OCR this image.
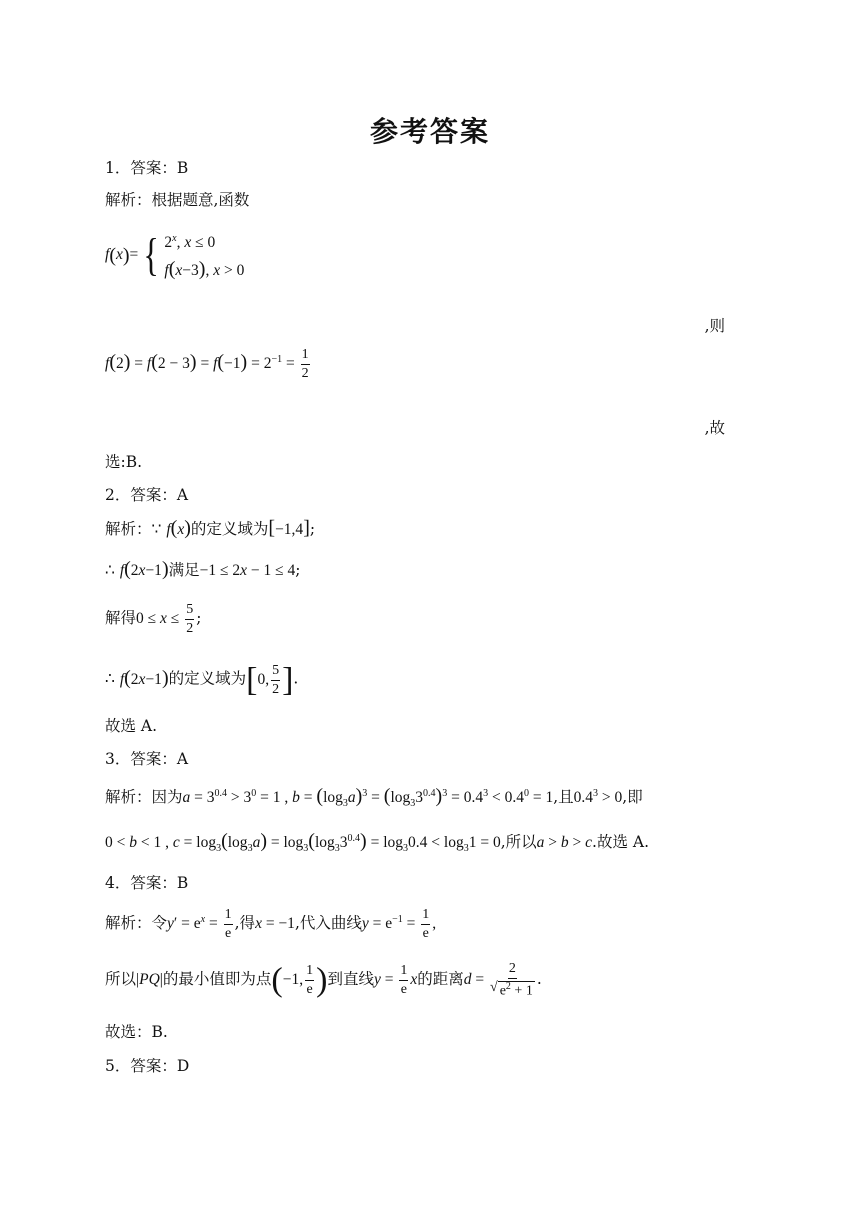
参考答案
1．答案：B
解析：根据题意,函数
f(x)= { 2$^x$, x ≤ 0
f(x−3), x > 0
,则
$f(2) = f(2 - 3) = f(-1) = 2^{-1} = \frac{1}{2}$
,故
选:B.
2．答案：A
解析：∵ f(x)的定义域为[−1,4];
∴ f(2x−1)满足−1 ≤ 2x − 1 ≤ 4;
解得$0 \le x \le \frac{5}{2}$ ;
∴ f(2x−1)的定义域为[0, $\frac{5}{2}$ ].
故选 A.
3．答案：A
解析：因为$a = 3^{0.4} > 3^0 = 1$ , $b = (\log_3a)^3 = (\log_33^{0.4})^3 = 0.4^3 < 0.4^0 = 1$,且$0.4^3 > 0$,即
0 < b < 1 , $c = \log_3(\log_3a) = \log_3(\log_33^{0.4}) = \log_30.4 < \log_31 = 0$,所以a > b > c.故选 A.
4．答案：B
解析：令$y' = e^x = \frac{1}{e}$ ,得x = −1,代入曲线$y = e^{-1} = \frac{1}{e}$ ,
所以|PQ|的最小值即为点(−1, $\frac{1}{e}$ )到直线$y = \frac{1}{e}$ x的距离$d = \frac{2}{√ e^2 + 1}$ .
故选：B.
5．答案：D
